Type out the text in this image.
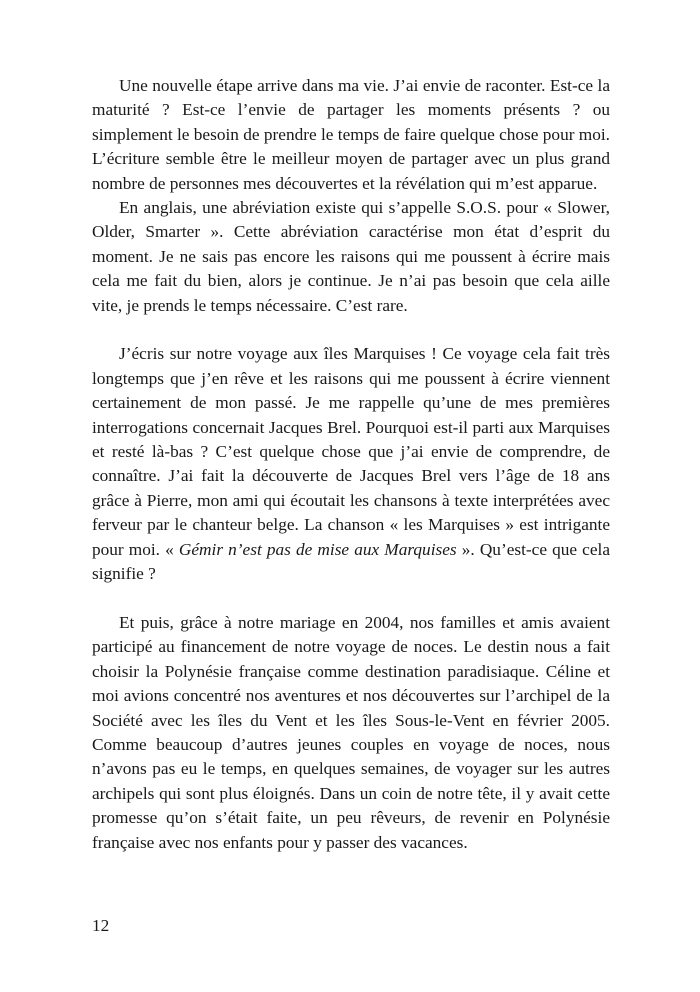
Une nouvelle étape arrive dans ma vie. J’ai envie de raconter. Est-ce la maturité ? Est-ce l’envie de partager les moments présents ? ou simplement le besoin de prendre le temps de faire quelque chose pour moi. L’écriture semble être le meilleur moyen de partager avec un plus grand nombre de personnes mes découvertes et la révélation qui m’est apparue.

En anglais, une abréviation existe qui s’appelle S.O.S. pour « Slower, Older, Smarter ». Cette abréviation caractérise mon état d’esprit du moment. Je ne sais pas encore les raisons qui me poussent à écrire mais cela me fait du bien, alors je continue. Je n’ai pas besoin que cela aille vite, je prends le temps nécessaire. C’est rare.

J’écris sur notre voyage aux îles Marquises ! Ce voyage cela fait très longtemps que j’en rêve et les raisons qui me poussent à écrire viennent certainement de mon passé. Je me rappelle qu’une de mes premières interrogations concernait Jacques Brel. Pourquoi est-il parti aux Marquises et resté là-bas ? C’est quelque chose que j’ai envie de comprendre, de connaître. J’ai fait la découverte de Jacques Brel vers l’âge de 18 ans grâce à Pierre, mon ami qui écoutait les chansons à texte interprétées avec ferveur par le chanteur belge. La chanson « les Marquises » est intrigante pour moi. « Gémir n’est pas de mise aux Marquises ». Qu’est-ce que cela signifie ?

Et puis, grâce à notre mariage en 2004, nos familles et amis avaient participé au financement de notre voyage de noces. Le destin nous a fait choisir la Polynésie française comme destination paradisiaque. Céline et moi avions concentré nos aventures et nos découvertes sur l’archipel de la Société avec les îles du Vent et les îles Sous-le-Vent en février 2005. Comme beaucoup d’autres jeunes couples en voyage de noces, nous n’avons pas eu le temps, en quelques semaines, de voyager sur les autres archipels qui sont plus éloignés. Dans un coin de notre tête, il y avait cette promesse qu’on s’était faite, un peu rêveurs, de revenir en Polynésie française avec nos enfants pour y passer des vacances.

12
